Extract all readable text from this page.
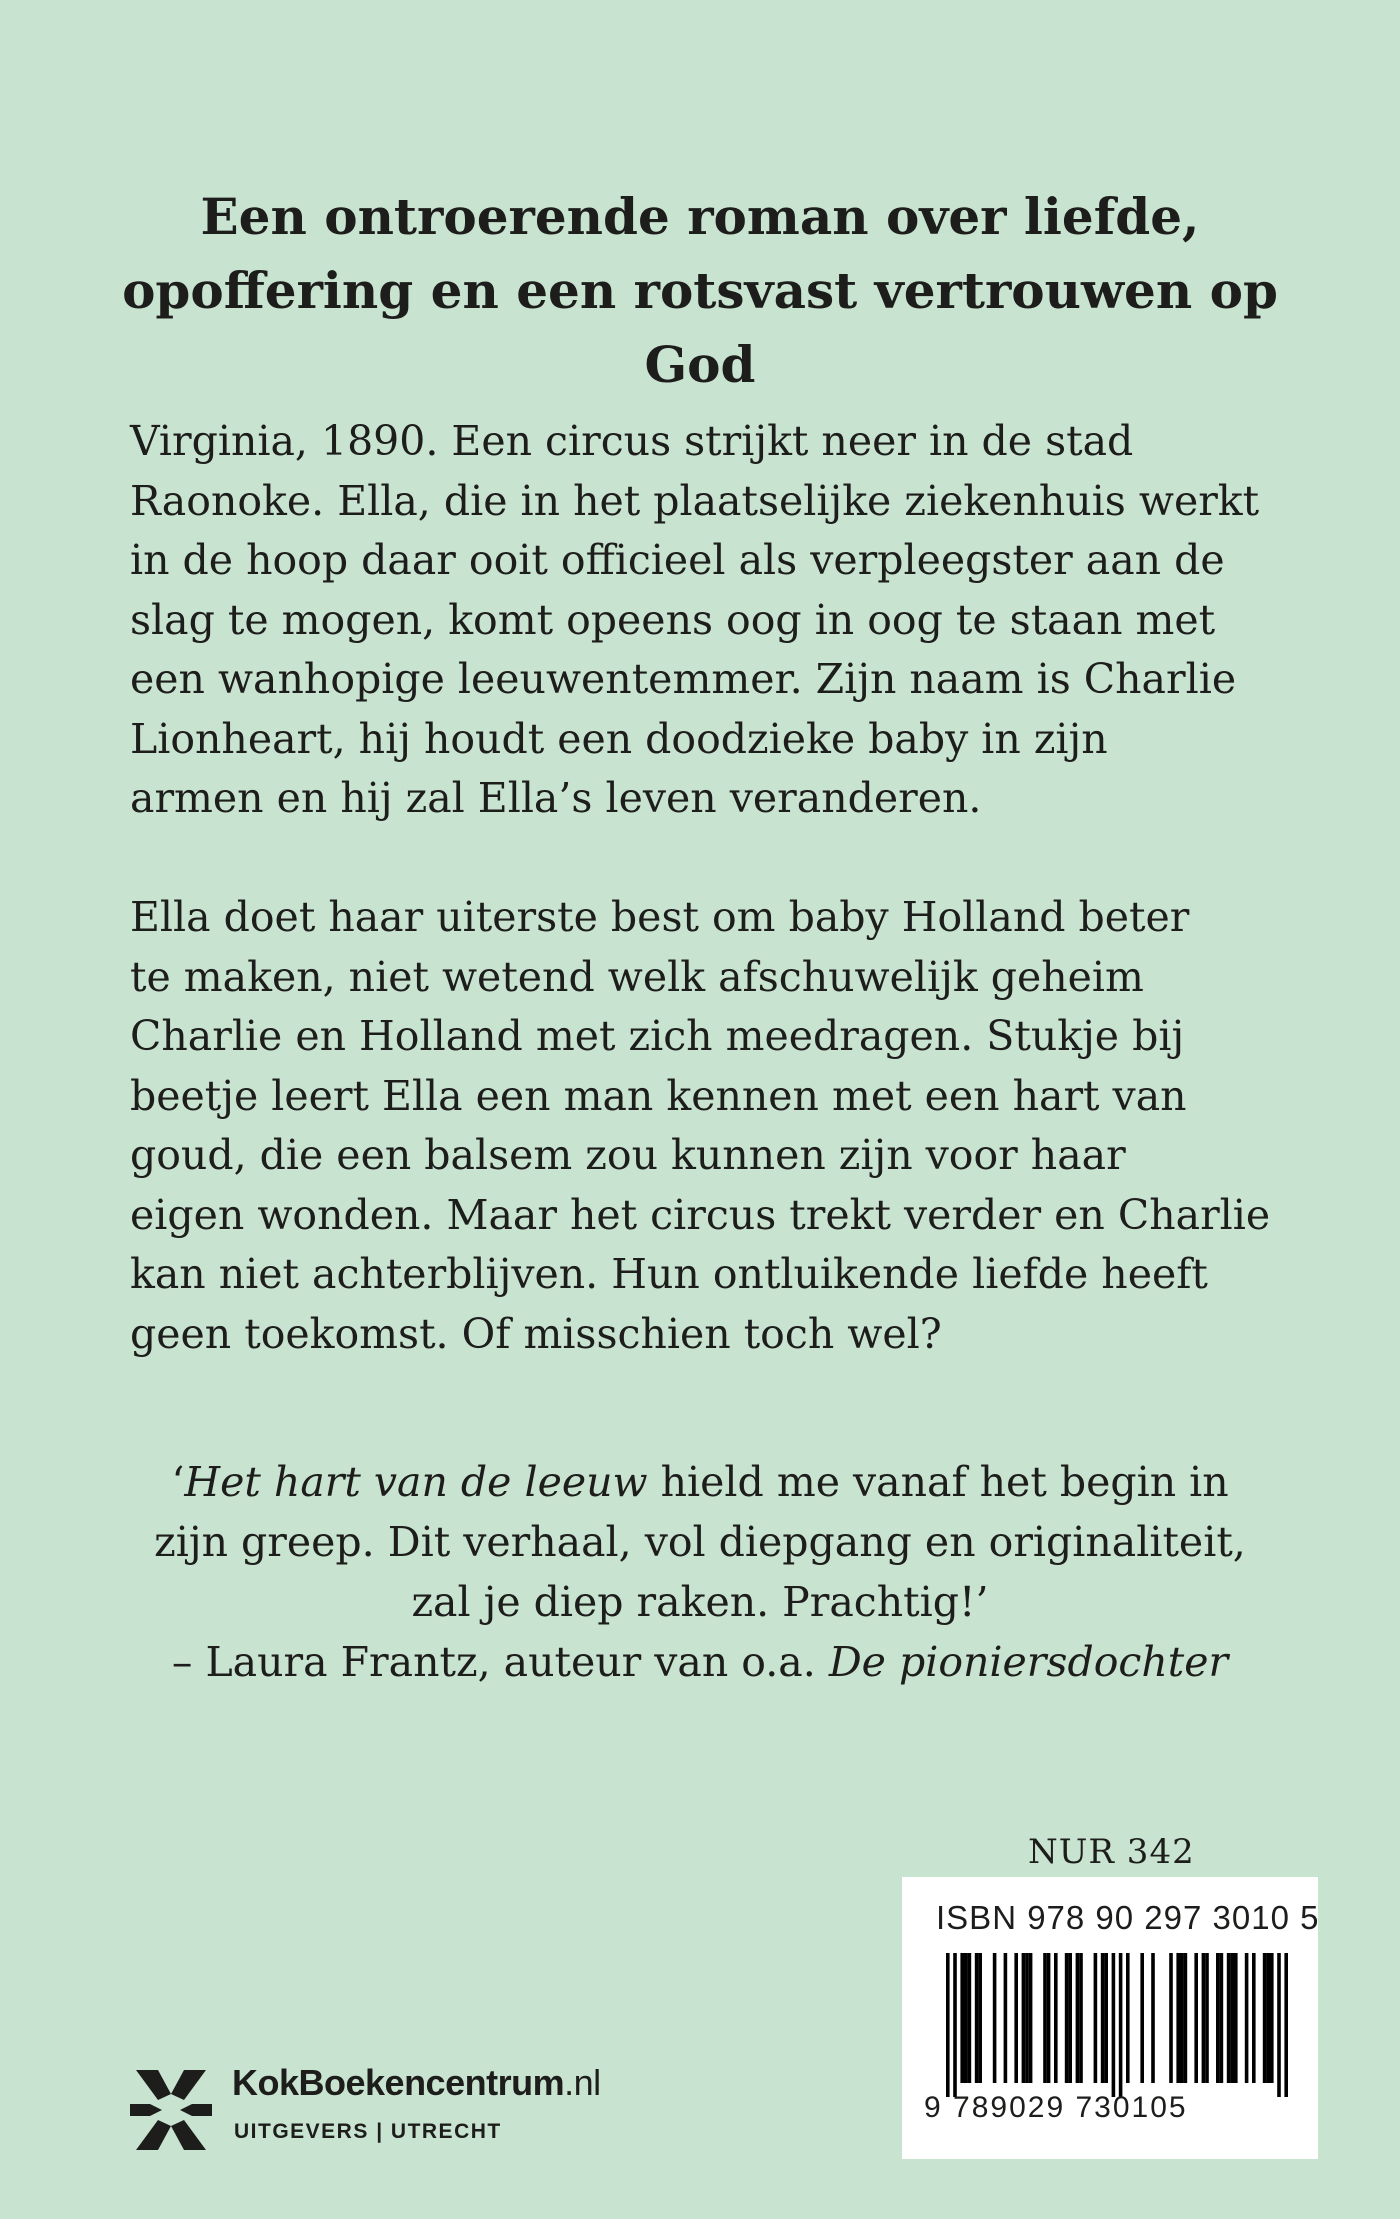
Een ontroerende roman over liefde,
opoffering en een rotsvast vertrouwen op God

Virginia, 1890. Een circus strijkt neer in de stad
Raonoke. Ella, die in het plaatselijke ziekenhuis werkt
in de hoop daar ooit officieel als verpleegster aan de
slag te mogen, komt opeens oog in oog te staan met
een wanhopige leeuwentemmer. Zijn naam is Charlie
Lionheart, hij houdt een doodzieke baby in zijn
armen en hij zal Ella’s leven veranderen.

Ella doet haar uiterste best om baby Holland beter
te maken, niet wetend welk afschuwelijk geheim
Charlie en Holland met zich meedragen. Stukje bij
beetje leert Ella een man kennen met een hart van
goud, die een balsem zou kunnen zijn voor haar
eigen wonden. Maar het circus trekt verder en Charlie
kan niet achterblijven. Hun ontluikende liefde heeft
geen toekomst. Of misschien toch wel?

‘Het hart van de leeuw hield me vanaf het begin in
zijn greep. Dit verhaal, vol diepgang en originaliteit,
zal je diep raken. Prachtig!’
– Laura Frantz, auteur van o.a. De pioniersdochter

NUR 342
ISBN 978 90 297 3010 5
9 789029 730105
KokBoekencentrum.nl
UITGEVERS | UTRECHT
